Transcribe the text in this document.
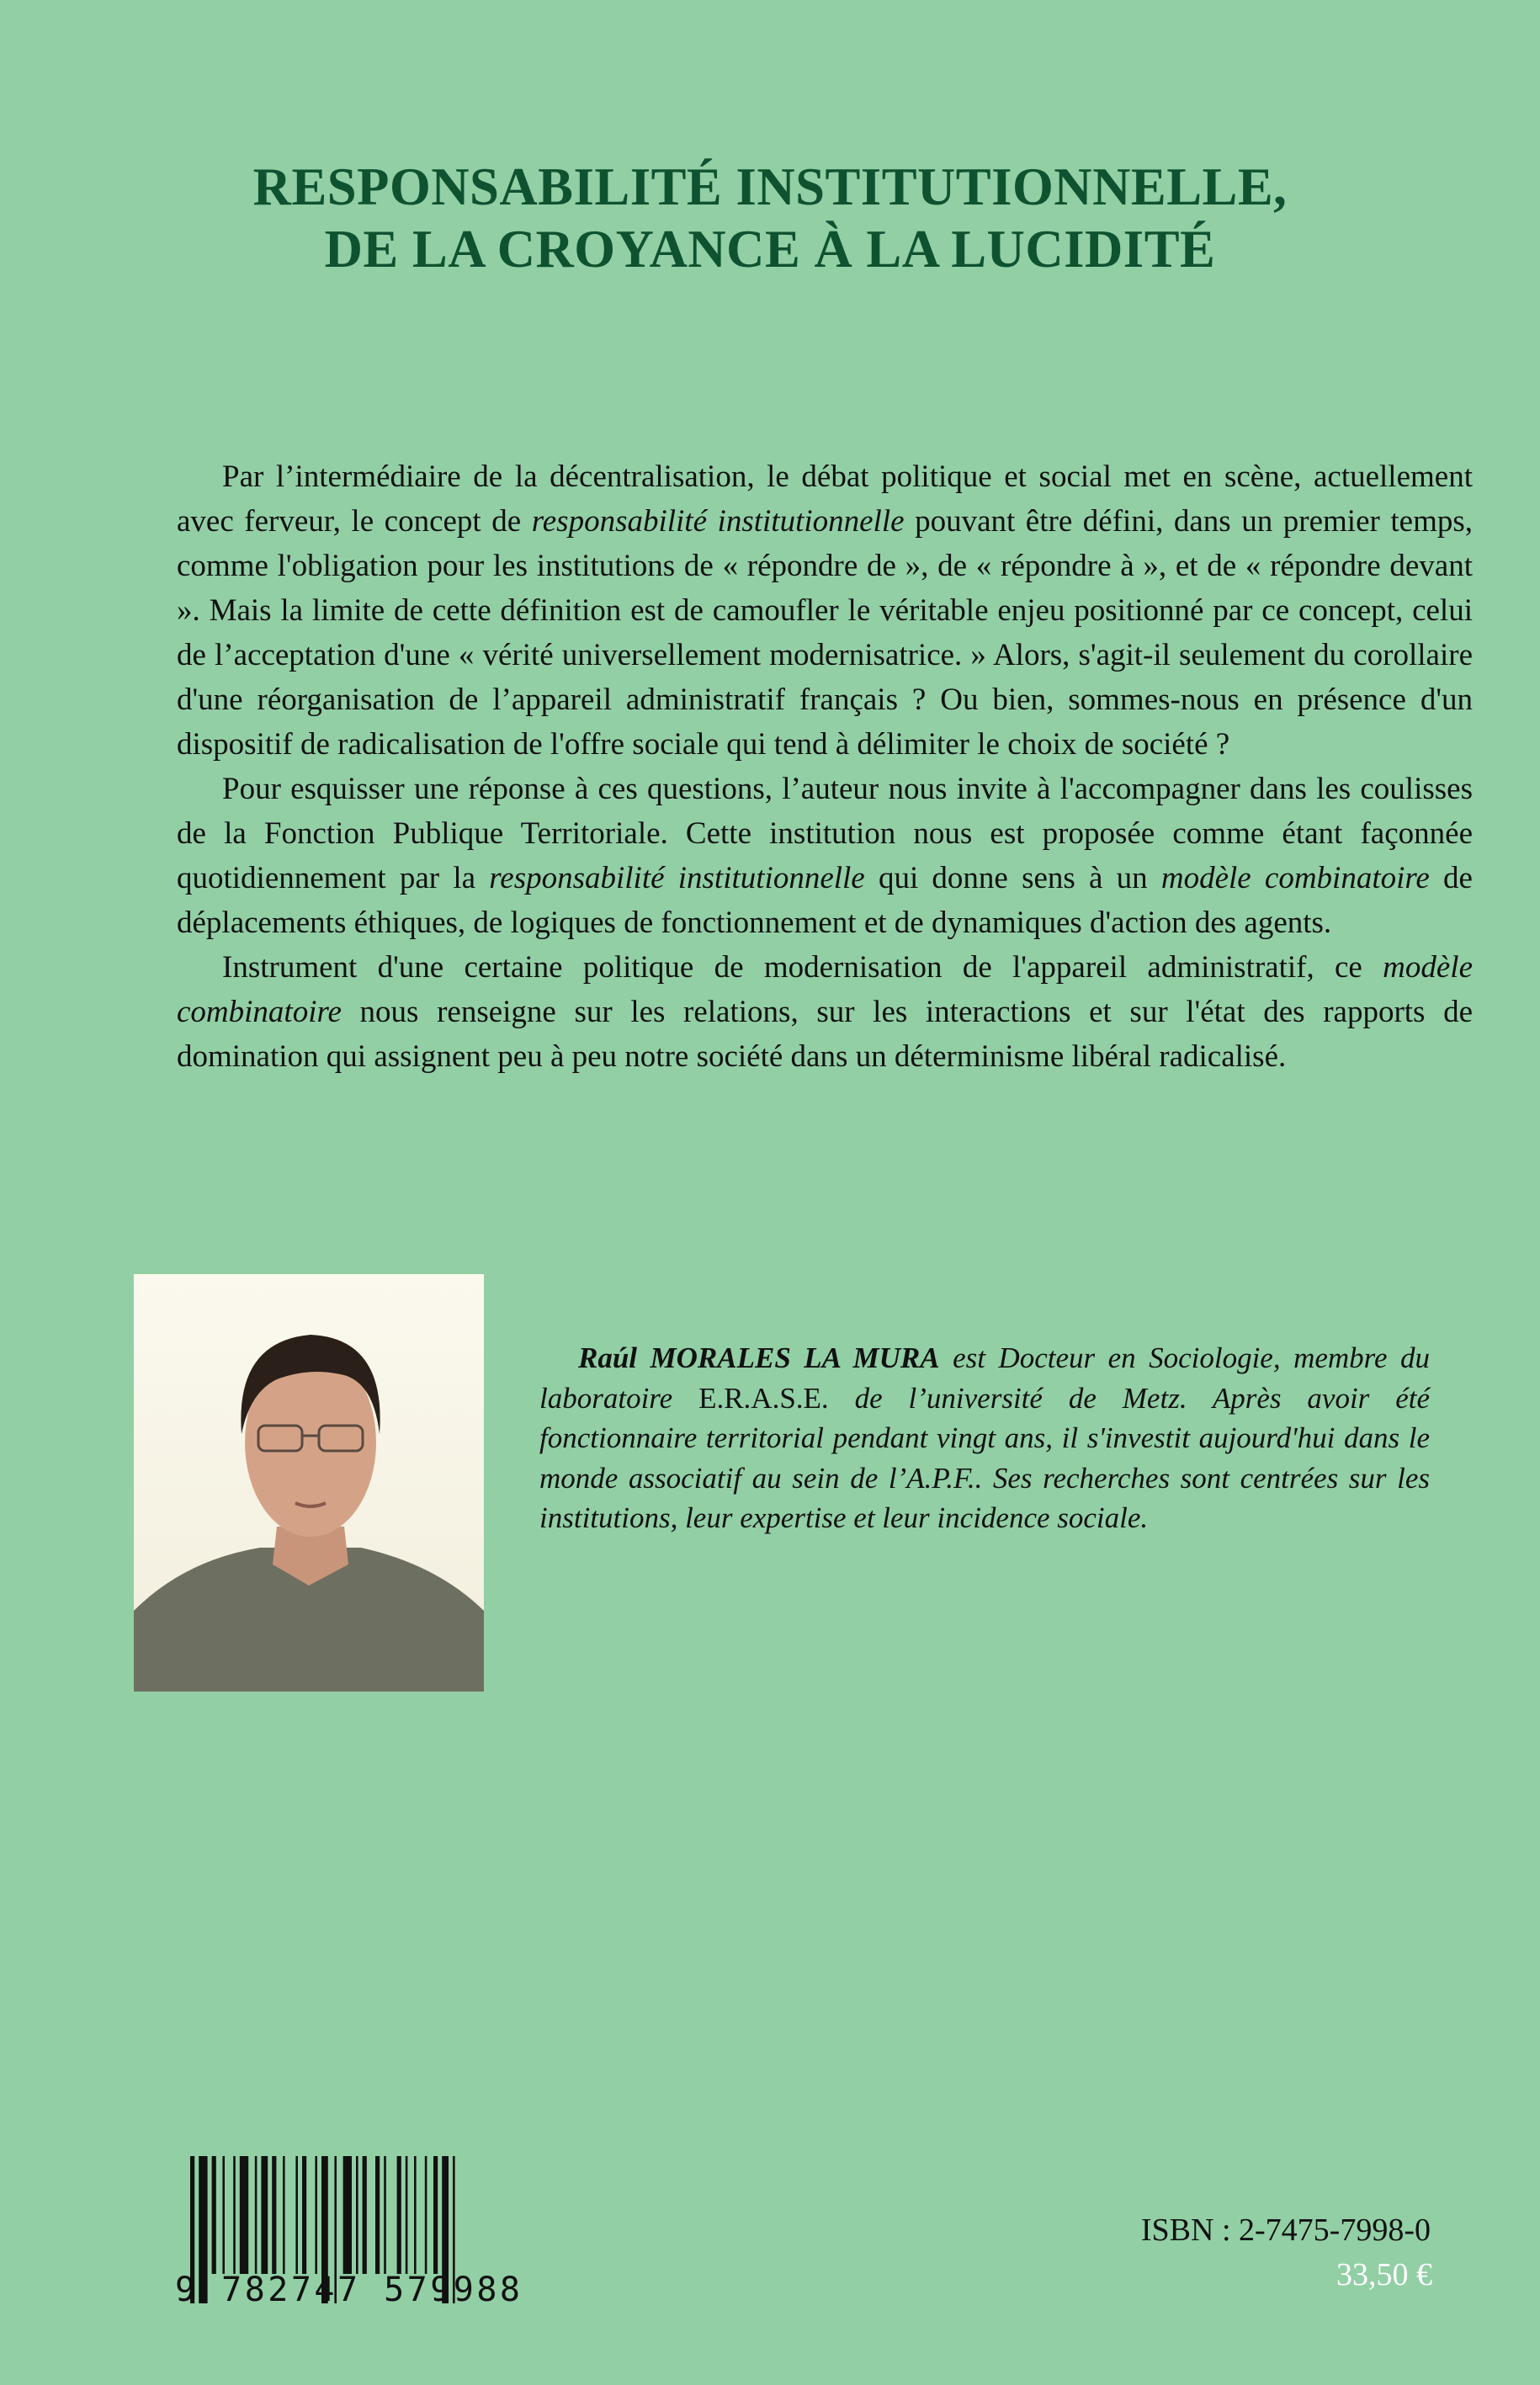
RESPONSABILITÉ INSTITUTIONNELLE,
DE LA CROYANCE À LA LUCIDITÉ

Par l’intermédiaire de la décentralisation, le débat politique et social met en scène, actuellement avec ferveur, le concept de responsabilité institutionnelle pouvant être défini, dans un premier temps, comme l'obligation pour les institutions de « répondre de », de « répondre à », et de « répondre devant ». Mais la limite de cette définition est de camoufler le véritable enjeu positionné par ce concept, celui de l’acceptation d'une « vérité universellement modernisatrice. » Alors, s'agit-il seulement du corollaire d'une réorganisation de l’appareil administratif français ? Ou bien, sommes-nous en présence d'un dispositif de radicalisation de l'offre sociale qui tend à délimiter le choix de société ?

Pour esquisser une réponse à ces questions, l’auteur nous invite à l'accompagner dans les coulisses de la Fonction Publique Territoriale. Cette institution nous est proposée comme étant façonnée quotidiennement par la responsabilité institutionnelle qui donne sens à un modèle combinatoire de déplacements éthiques, de logiques de fonctionnement et de dynamiques d'action des agents.

Instrument d'une certaine politique de modernisation de l'appareil administratif, ce modèle combinatoire nous renseigne sur les relations, sur les interactions et sur l'état des rapports de domination qui assignent peu à peu notre société dans un déterminisme libéral radicalisé.

Raúl MORALES LA MURA est Docteur en Sociologie, membre du laboratoire E.R.A.S.E. de l’université de Metz. Après avoir été fonctionnaire territorial pendant vingt ans, il s'investit aujourd'hui dans le monde associatif au sein de l’A.P.F.. Ses recherches sont centrées sur les institutions, leur expertise et leur incidence sociale.
9 782747 579988
ISBN : 2-7475-7998-0
33,50 €
